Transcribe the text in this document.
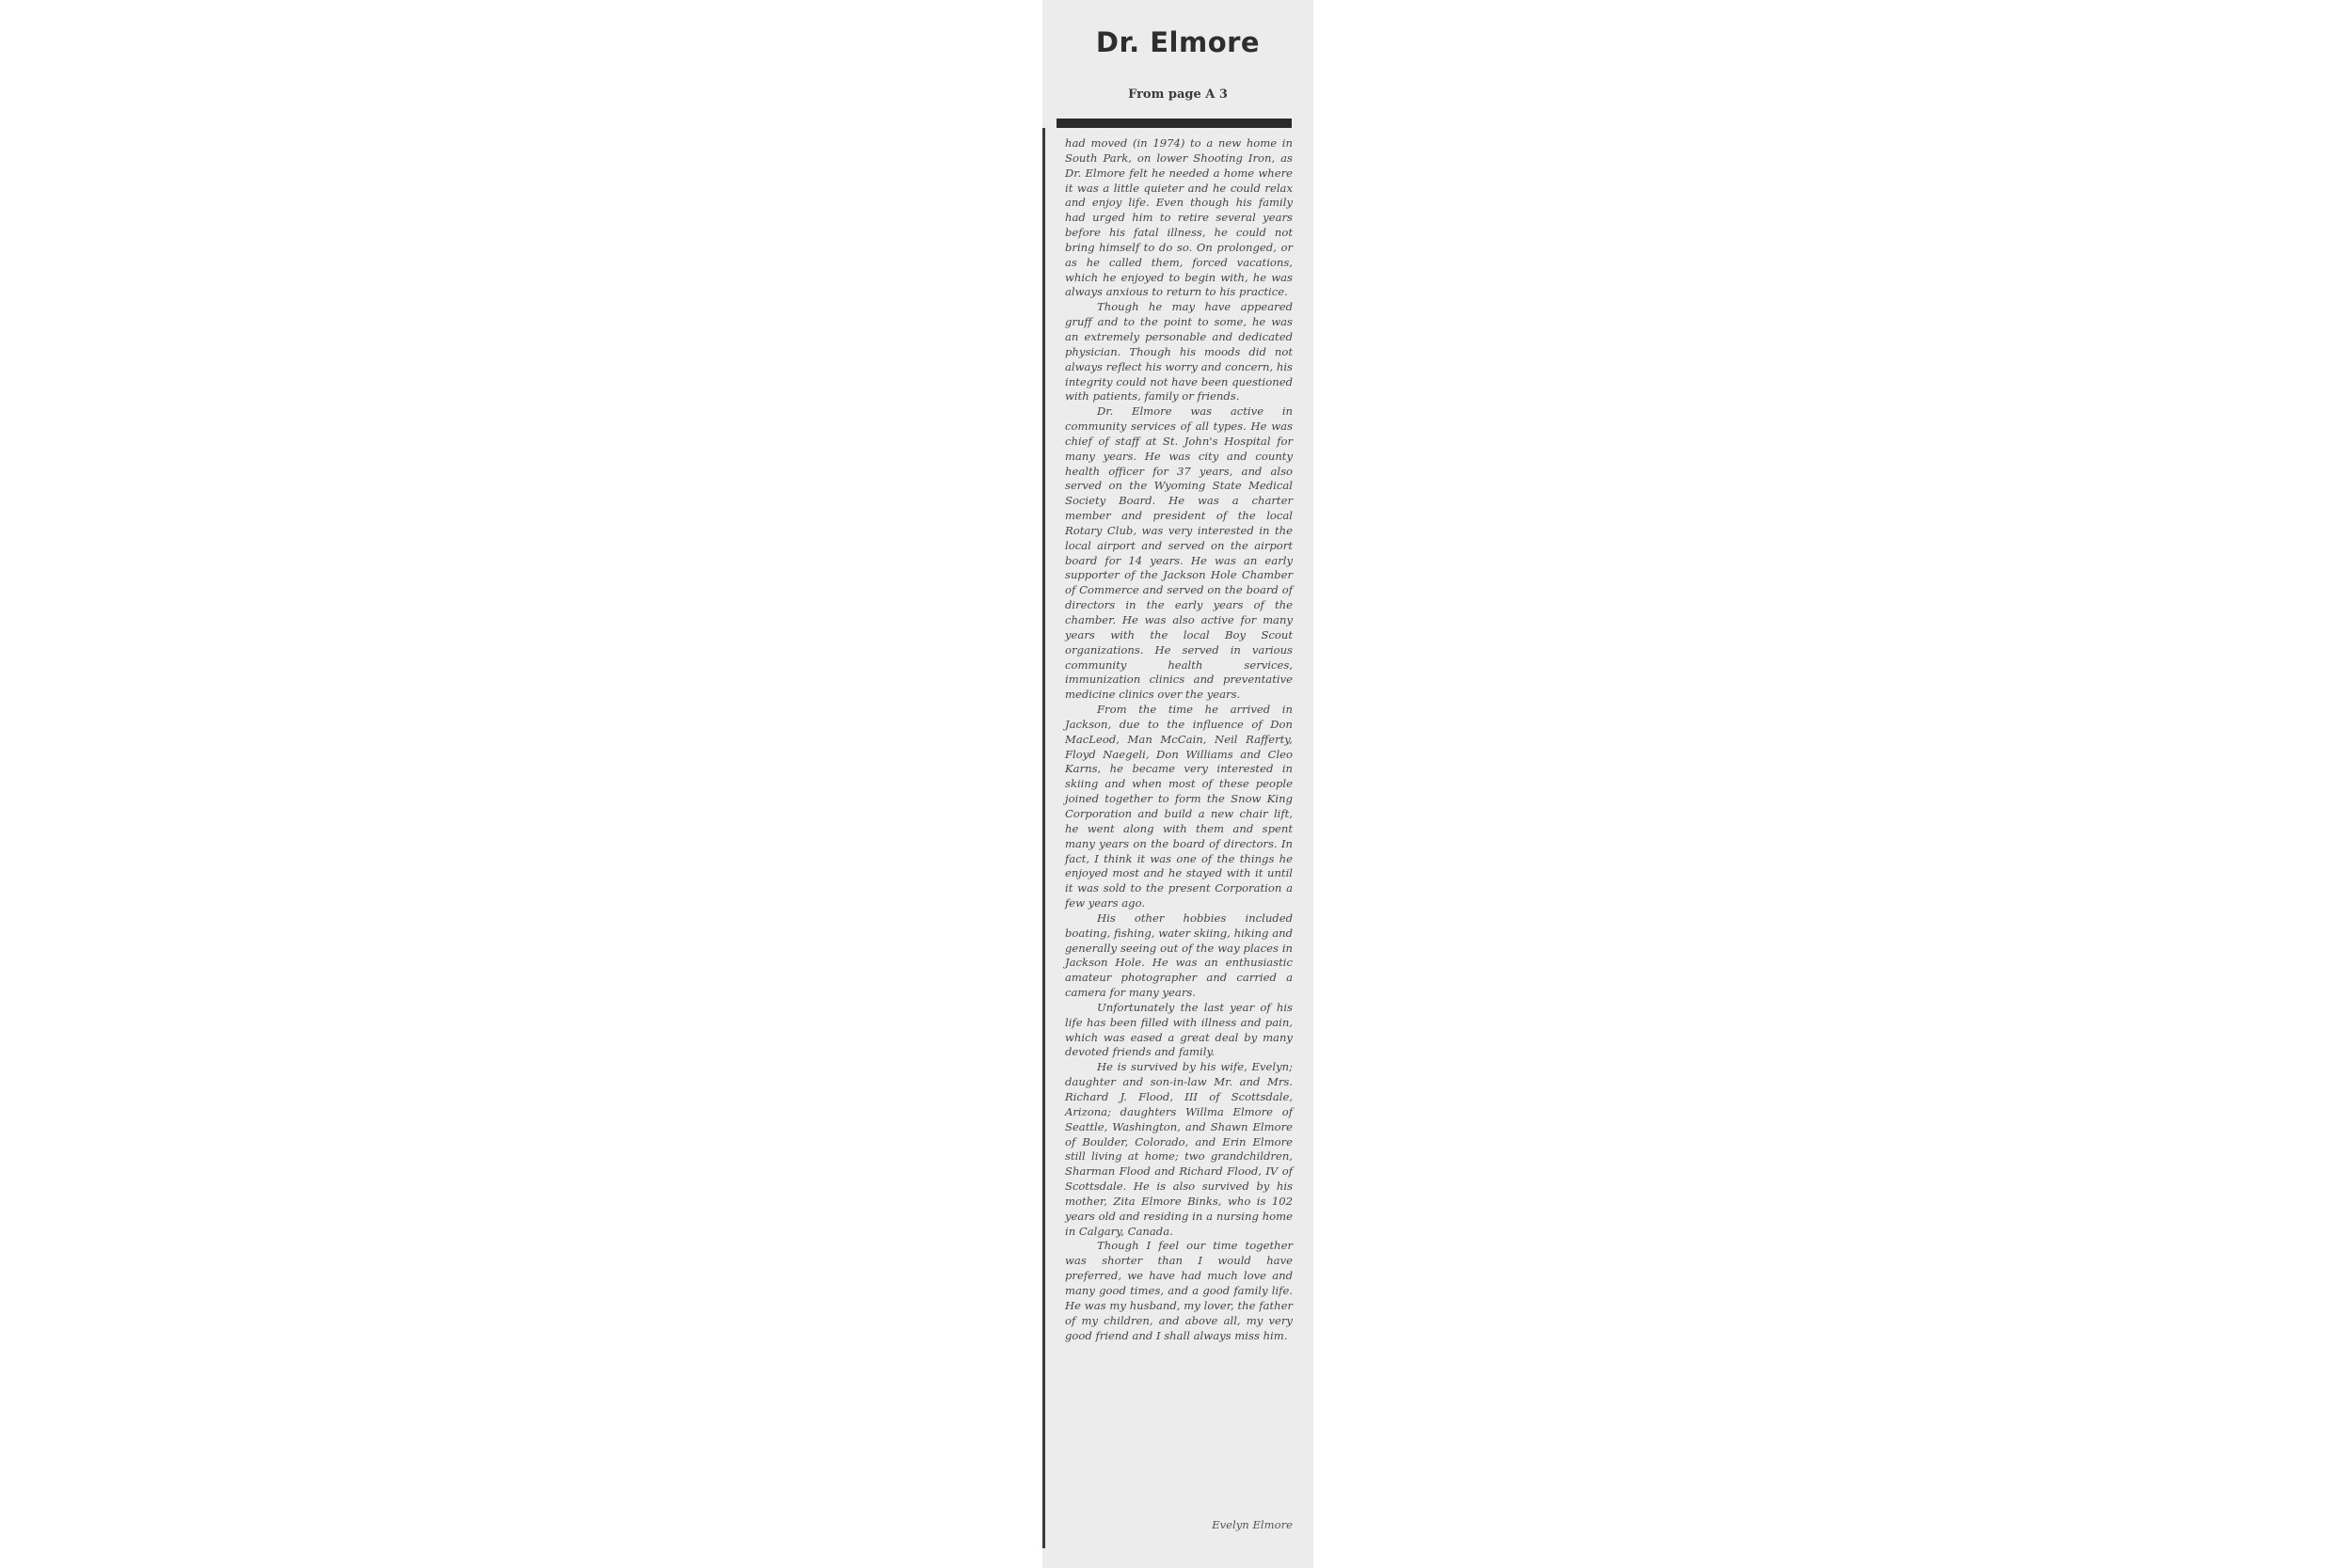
Dr. Elmore
From page A 3

had moved (in 1974) to a new home in South Park, on lower Shooting Iron, as Dr. Elmore felt he needed a home where it was a little quieter and he could relax and enjoy life. Even though his family had urged him to retire several years before his fatal illness, he could not bring himself to do so. On prolonged, or as he called them, forced vacations, which he enjoyed to begin with, he was always anxious to return to his practice.

Though he may have appeared gruff and to the point to some, he was an extremely personable and dedicated physician. Though his moods did not always reflect his worry and concern, his integrity could not have been questioned with patients, family or friends.

Dr. Elmore was active in community services of all types. He was chief of staff at St. John's Hospital for many years. He was city and county health officer for 37 years, and also served on the Wyoming State Medical Society Board. He was a charter member and president of the local Rotary Club, was very interested in the local airport and served on the airport board for 14 years. He was an early supporter of the Jackson Hole Chamber of Commerce and served on the board of directors in the early years of the chamber. He was also active for many years with the local Boy Scout organizations. He served in various community health services, immunization clinics and preventative medicine clinics over the years.

From the time he arrived in Jackson, due to the influence of Don MacLeod, Man McCain, Neil Rafferty, Floyd Naegeli, Don Williams and Cleo Karns, he became very interested in skiing and when most of these people joined together to form the Snow King Corporation and build a new chair lift, he went along with them and spent many years on the board of directors. In fact, I think it was one of the things he enjoyed most and he stayed with it until it was sold to the present Corporation a few years ago.

His other hobbies included boating, fishing, water skiing, hiking and generally seeing out of the way places in Jackson Hole. He was an enthusiastic amateur photographer and carried a camera for many years.

Unfortunately the last year of his life has been filled with illness and pain, which was eased a great deal by many devoted friends and family.

He is survived by his wife, Evelyn; daughter and son-in-law Mr. and Mrs. Richard J. Flood, III of Scottsdale, Arizona; daughters Willma Elmore of Seattle, Washington, and Shawn Elmore of Boulder, Colorado, and Erin Elmore still living at home; two grandchildren, Sharman Flood and Richard Flood, IV of Scottsdale. He is also survived by his mother, Zita Elmore Binks, who is 102 years old and residing in a nursing home in Calgary, Canada.

Though I feel our time together was shorter than I would have preferred, we have had much love and many good times, and a good family life. He was my husband, my lover, the father of my children, and above all, my very good friend and I shall always miss him.

Evelyn Elmore
